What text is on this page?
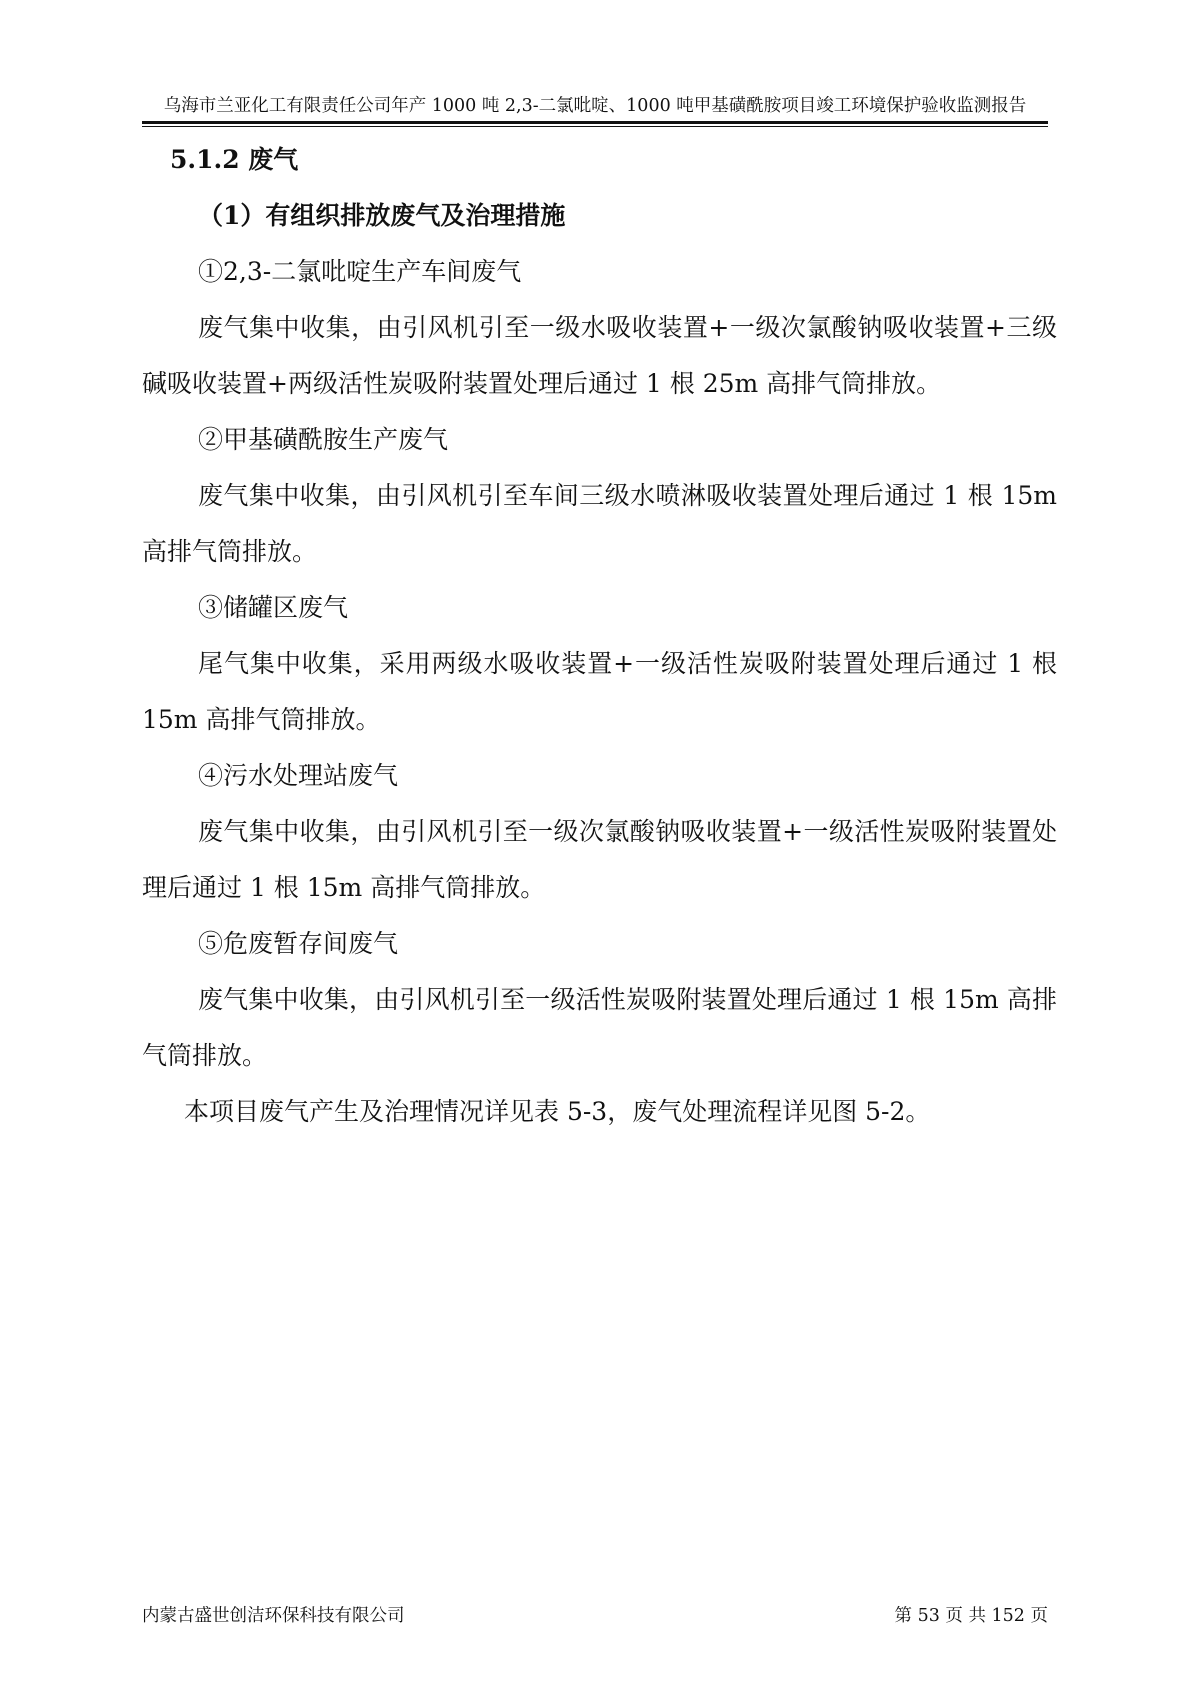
乌海市兰亚化工有限责任公司年产 1000 吨 2,3-二氯吡啶、1000 吨甲基磺酰胺项目竣工环境保护验收监测报告
5.1.2 废气
（1）有组织排放废气及治理措施

①2,3-二氯吡啶生产车间废气

废气集中收集，由引风机引至一级水吸收装置+一级次氯酸钠吸收装置+三级碱吸收装置+两级活性炭吸附装置处理后通过 1 根 25m 高排气筒排放。

②甲基磺酰胺生产废气

废气集中收集，由引风机引至车间三级水喷淋吸收装置处理后通过 1 根 15m 高排气筒排放。

③储罐区废气

尾气集中收集，采用两级水吸收装置+一级活性炭吸附装置处理后通过 1 根 15m 高排气筒排放。

④污水处理站废气

废气集中收集，由引风机引至一级次氯酸钠吸收装置+一级活性炭吸附装置处理后通过 1 根 15m 高排气筒排放。

⑤危废暂存间废气

废气集中收集，由引风机引至一级活性炭吸附装置处理后通过 1 根 15m 高排气筒排放。

本项目废气产生及治理情况详见表 5-3，废气处理流程详见图 5-2。

内蒙古盛世创洁环保科技有限公司	第 53 页 共 152 页
